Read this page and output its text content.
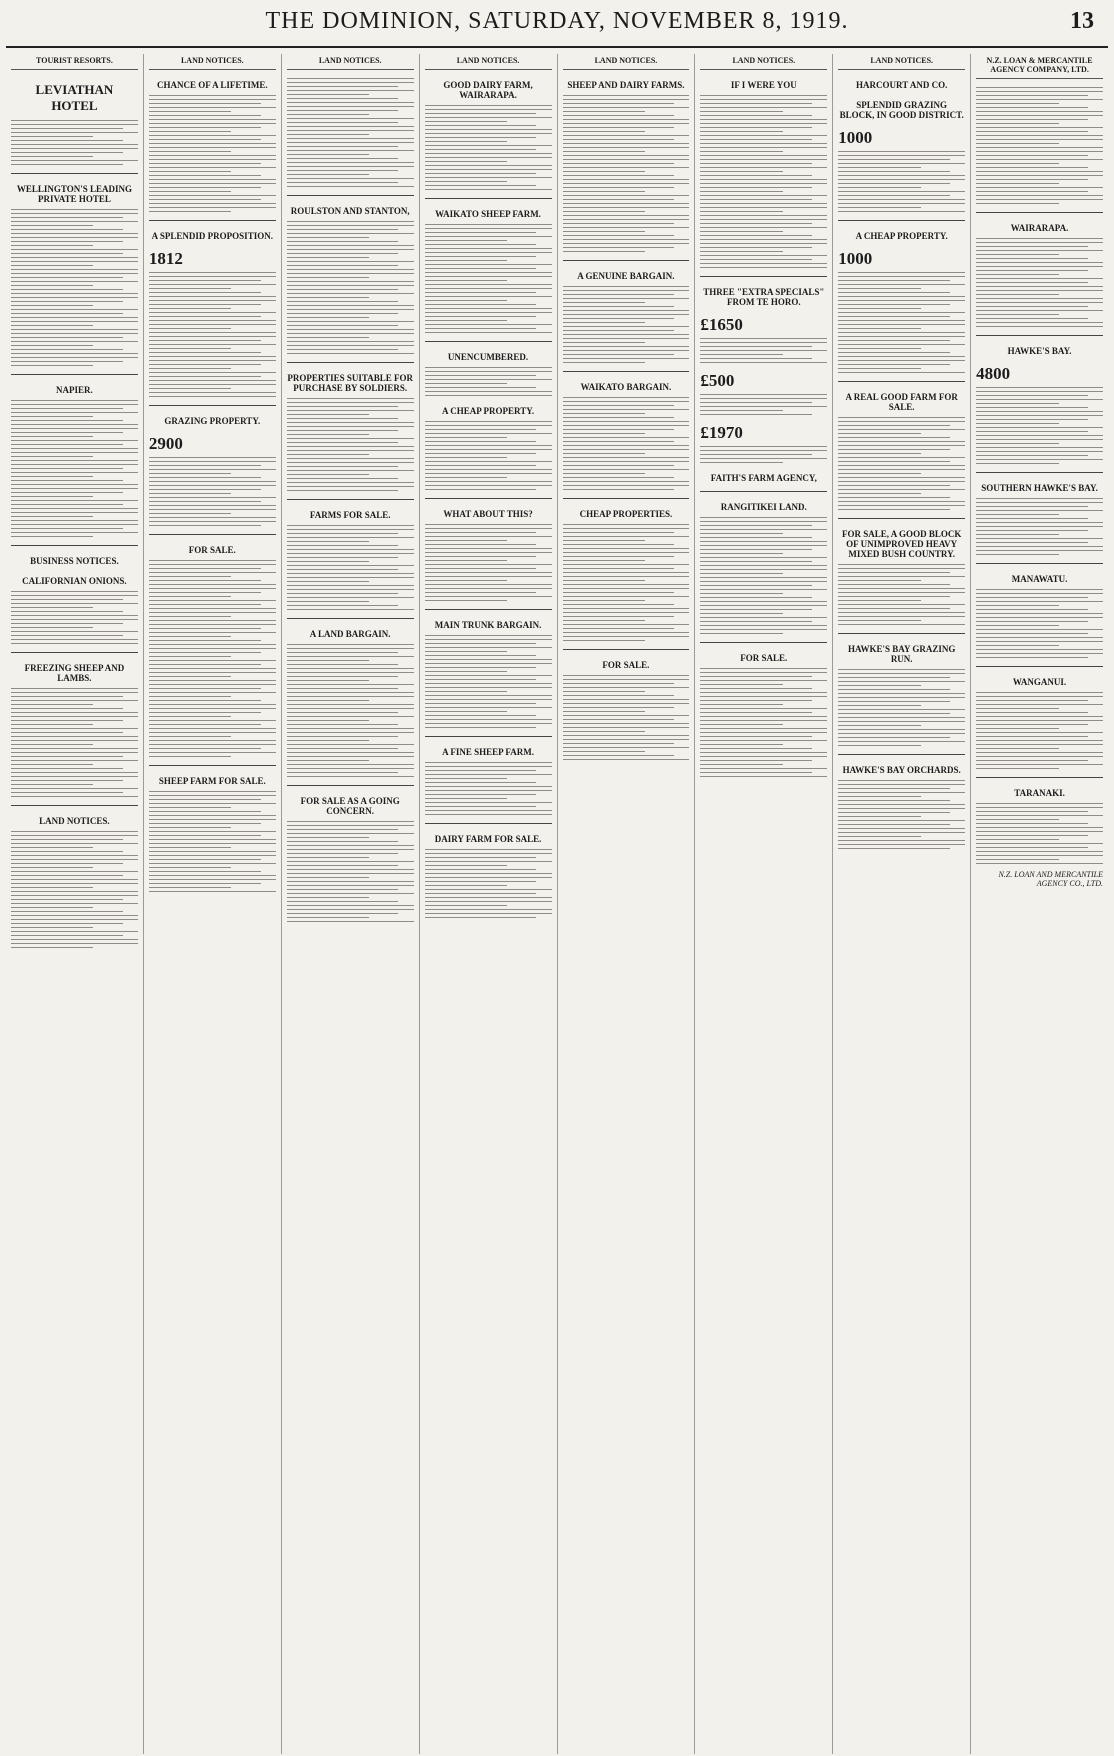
THE DOMINION, SATURDAY, NOVEMBER 8, 1919.	13
TOURIST RESORTS.
LEVIATHAN HOTEL
WELLINGTON'S LEADING PRIVATE HOTEL
NAPIER.
BUSINESS NOTICES.
CALIFORNIAN ONIONS.
FREEZING SHEEP AND LAMBS.
LAND NOTICES.
LAND NOTICES.
CHANCE OF A LIFETIME.
A SPLENDID PROPOSITION.
1812
GRAZING PROPERTY.
2900
FOR SALE.
SHEEP FARM FOR SALE.
LAND NOTICES.
ROULSTON AND STANTON,
PROPERTIES SUITABLE FOR PURCHASE BY SOLDIERS.
FARMS FOR SALE.
A LAND BARGAIN.
FOR SALE AS A GOING CONCERN.
LAND NOTICES.
GOOD DAIRY FARM, WAIRARAPA.
WAIKATO SHEEP FARM.
UNENCUMBERED.
A CHEAP PROPERTY.
WHAT ABOUT THIS?
MAIN TRUNK BARGAIN.
A FINE SHEEP FARM.
DAIRY FARM FOR SALE.
LAND NOTICES.
SHEEP AND DAIRY FARMS.
A GENUINE BARGAIN.
WAIKATO BARGAIN.
CHEAP PROPERTIES.
FOR SALE.
LAND NOTICES.
IF I WERE YOU
THREE "EXTRA SPECIALS" FROM TE HORO.
£1650
£500
£1970
FAITH'S FARM AGENCY,
RANGITIKEI LAND.
FOR SALE.
LAND NOTICES.
HARCOURT AND CO.
SPLENDID GRAZING BLOCK, IN GOOD DISTRICT.
1000
A CHEAP PROPERTY.
1000
A REAL GOOD FARM FOR SALE.
FOR SALE, A GOOD BLOCK OF UNIMPROVED HEAVY MIXED BUSH COUNTRY.
HAWKE'S BAY GRAZING RUN.
HAWKE'S BAY ORCHARDS.
N.Z. LOAN & MERCANTILE AGENCY COMPANY, LTD.
WAIRARAPA.
HAWKE'S BAY.
4800
SOUTHERN HAWKE'S BAY.
MANAWATU.
WANGANUI.
TARANAKI.
N.Z. LOAN AND MERCANTILE AGENCY CO., LTD.
